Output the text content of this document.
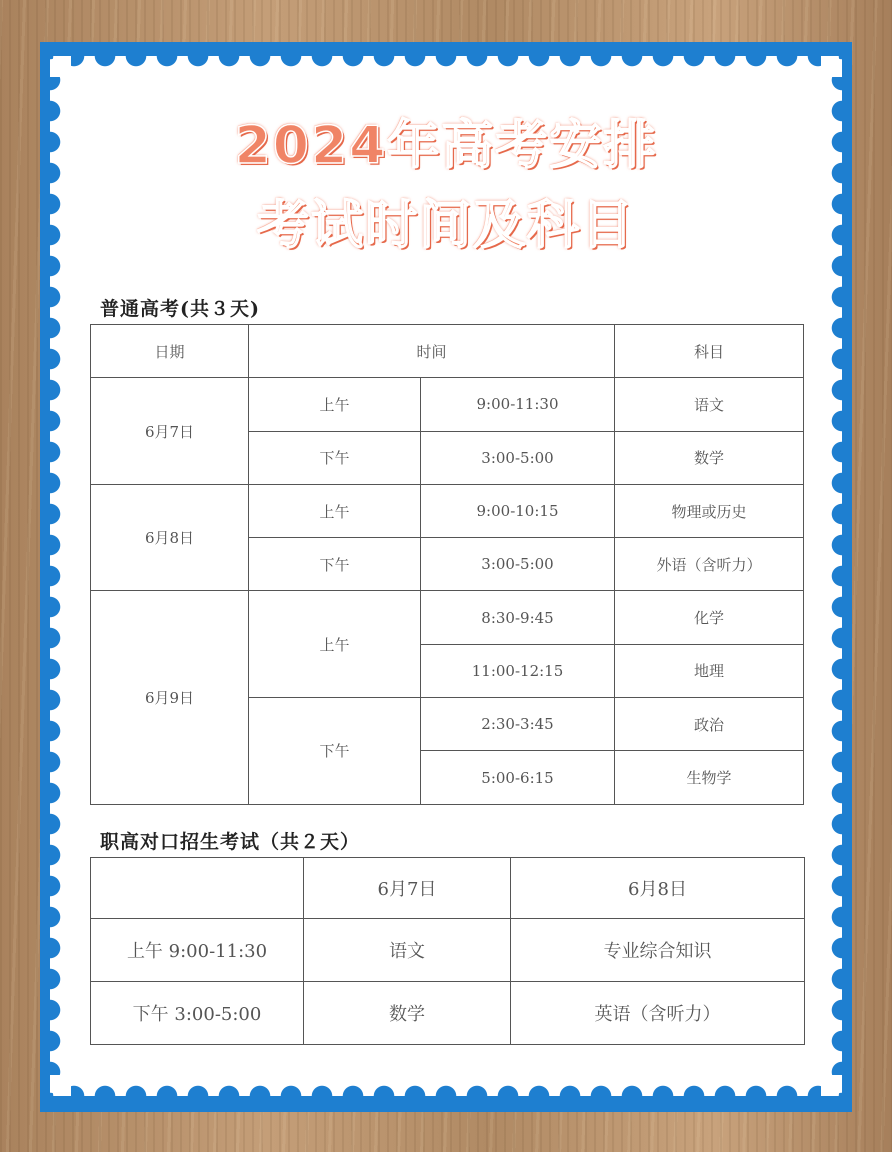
2024年高考安排
考试时间及科目
普通高考(共３天)
日期	时间		科目
6月7日	上午	9:00-11:30	语文
	下午	3:00-5:00	数学
6月8日	上午	9:00-10:15	物理或历史
	下午	3:00-5:00	外语（含听力）
6月9日	上午	8:30-9:45	化学
		11:00-12:15	地理
	下午	2:30-3:45	政治
		5:00-6:15	生物学
职高对口招生考试（共２天）
	6月7日	6月8日
上午 9:00-11:30	语文	专业综合知识
下午 3:00-5:00	数学	英语（含听力）
